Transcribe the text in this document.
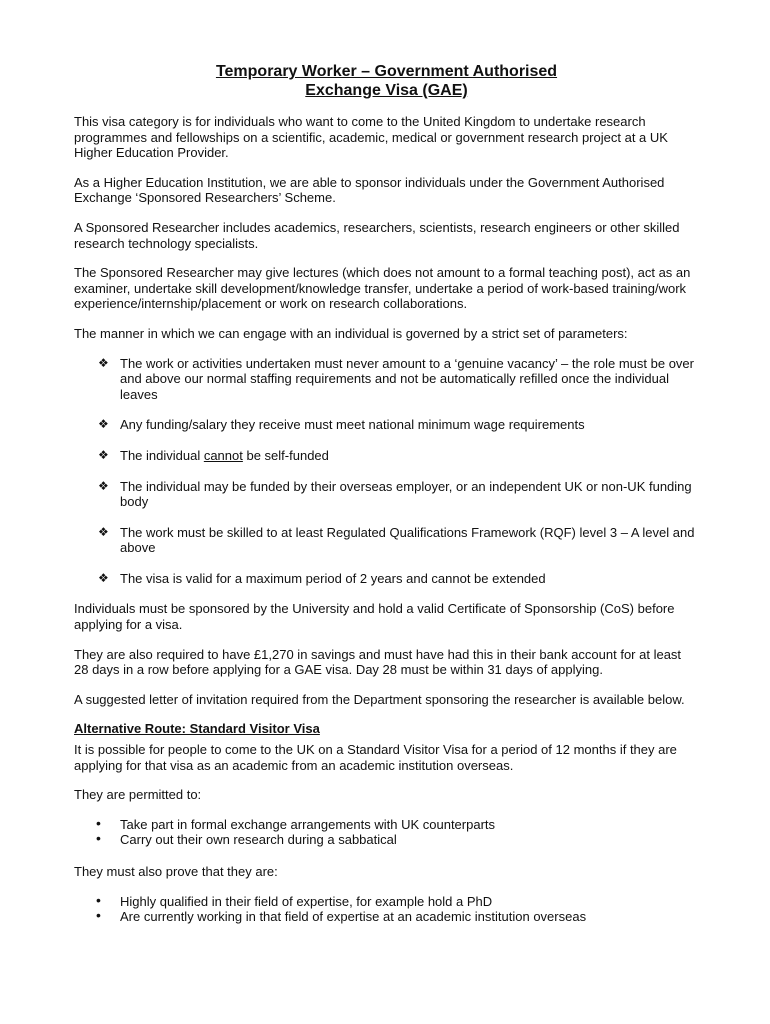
Temporary Worker – Government Authorised
Exchange Visa (GAE)

This visa category is for individuals who want to come to the United Kingdom to undertake research programmes and fellowships on a scientific, academic, medical or government research project at a UK Higher Education Provider.

As a Higher Education Institution, we are able to sponsor individuals under the Government Authorised Exchange ‘Sponsored Researchers’ Scheme.

A Sponsored Researcher includes academics, researchers, scientists, research engineers or other skilled research technology specialists.

The Sponsored Researcher may give lectures (which does not amount to a formal teaching post), act as an examiner, undertake skill development/knowledge transfer, undertake a period of work-based training/work experience/internship/placement or work on research collaborations.

The manner in which we can engage with an individual is governed by a strict set of parameters:

❖ The work or activities undertaken must never amount to a ‘genuine vacancy’ – the role must be over and above our normal staffing requirements and not be automatically refilled once the individual leaves
❖ Any funding/salary they receive must meet national minimum wage requirements
❖ The individual cannot be self-funded
❖ The individual may be funded by their overseas employer, or an independent UK or non-UK funding body
❖ The work must be skilled to at least Regulated Qualifications Framework (RQF) level 3 – A level and above
❖ The visa is valid for a maximum period of 2 years and cannot be extended

Individuals must be sponsored by the University and hold a valid Certificate of Sponsorship (CoS) before applying for a visa.

They are also required to have £1,270 in savings and must have had this in their bank account for at least 28 days in a row before applying for a GAE visa. Day 28 must be within 31 days of applying.

A suggested letter of invitation required from the Department sponsoring the researcher is available below.

Alternative Route: Standard Visitor Visa

It is possible for people to come to the UK on a Standard Visitor Visa for a period of 12 months if they are applying for that visa as an academic from an academic institution overseas.

They are permitted to:

• Take part in formal exchange arrangements with UK counterparts
• Carry out their own research during a sabbatical

They must also prove that they are:

• Highly qualified in their field of expertise, for example hold a PhD
• Are currently working in that field of expertise at an academic institution overseas
